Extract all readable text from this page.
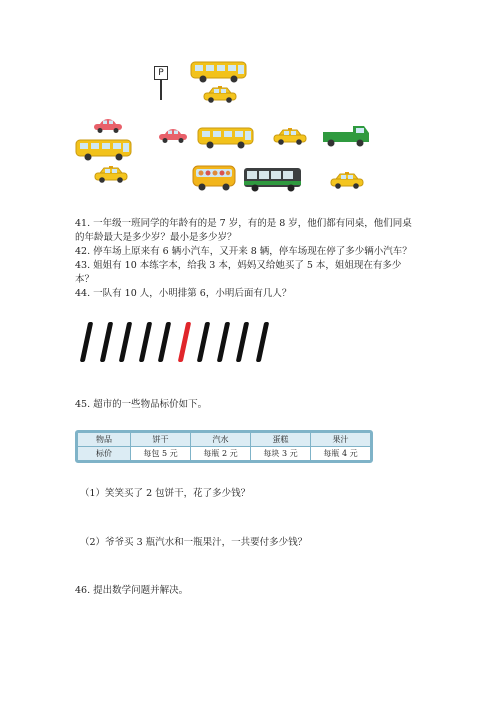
P
41. 一年级一班同学的年龄有的是 7 岁，有的是 8 岁，他们都有同桌，他们同桌
的年龄最大是多少岁？最小是多少岁？
42. 停车场上原来有 6 辆小汽车，又开来 8 辆，停车场现在停了多少辆小汽车？
43. 姐姐有 10 本练字本，给我 3 本，妈妈又给她买了 5 本，姐姐现在有多少
本？
44. 一队有 10 人，小明排第 6，小明后面有几人？
45. 超市的一些物品标价如下。
物品	饼干	汽水	蛋糕	果汁
标价	每包 5 元	每瓶 2 元	每块 3 元	每瓶 4 元
（1）笑笑买了 2 包饼干，花了多少钱？
（2）爷爷买 3 瓶汽水和一瓶果汁，一共要付多少钱？
46. 提出数学问题并解决。
